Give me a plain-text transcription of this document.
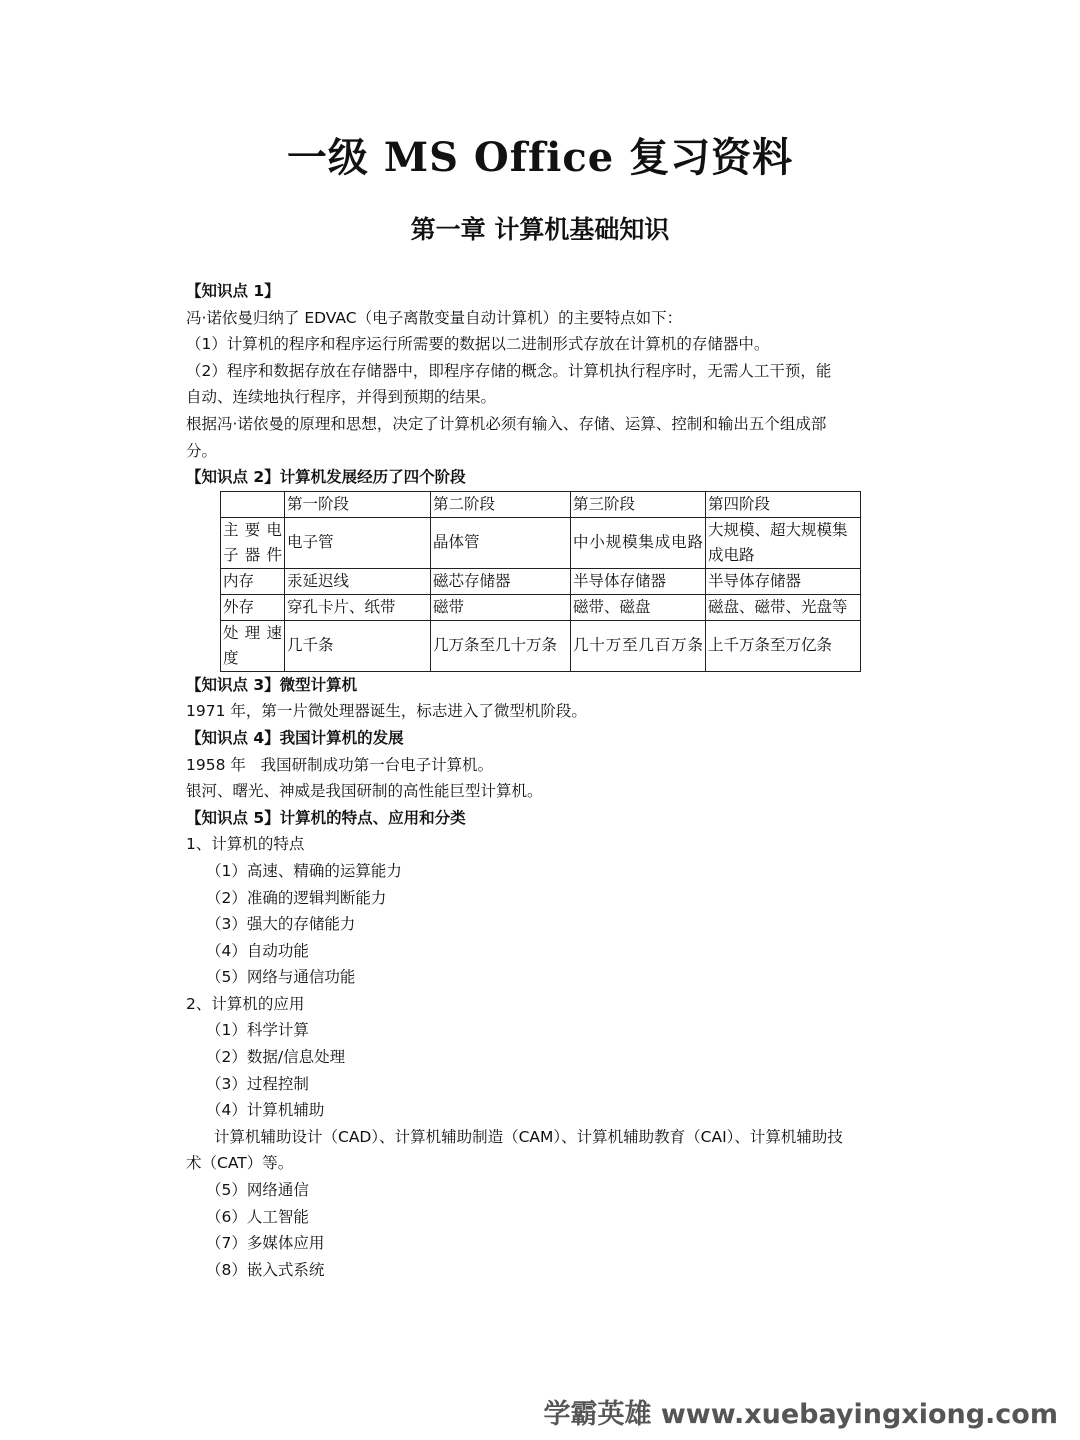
一级 MS Office 复习资料
第一章 计算机基础知识

【知识点 1】

冯·诺依曼归纳了 EDVAC（电子离散变量自动计算机）的主要特点如下：

（1）计算机的程序和程序运行所需要的数据以二进制形式存放在计算机的存储器中。

（2）程序和数据存放在存储器中，即程序存储的概念。计算机执行程序时，无需人工干预，能

自动、连续地执行程序，并得到预期的结果。

根据冯·诺依曼的原理和思想，决定了计算机必须有输入、存储、运算、控制和输出五个组成部

分。

【知识点 2】计算机发展经历了四个阶段

	第一阶段	第二阶段	第三阶段	第四阶段
主要电子器件	电子管	晶体管	中小规模集成电路	大规模、超大规模集成电路
内存	汞延迟线	磁芯存储器	半导体存储器	半导体存储器
外存	穿孔卡片、纸带	磁带	磁带、磁盘	磁盘、磁带、光盘等
处理速度	几千条	几万条至几十万条	几十万至几百万条	上千万条至万亿条

【知识点 3】微型计算机

1971 年，第一片微处理器诞生，标志进入了微型机阶段。

【知识点 4】我国计算机的发展

1958 年   我国研制成功第一台电子计算机。

银河、曙光、神威是我国研制的高性能巨型计算机。

【知识点 5】计算机的特点、应用和分类

1、计算机的特点

（1）高速、精确的运算能力

（2）准确的逻辑判断能力

（3）强大的存储能力

（4）自动功能

（5）网络与通信功能

2、计算机的应用

（1）科学计算

（2）数据/信息处理

（3）过程控制

（4）计算机辅助

计算机辅助设计（CAD）、计算机辅助制造（CAM）、计算机辅助教育（CAI）、计算机辅助技

术（CAT）等。

（5）网络通信

（6）人工智能

（7）多媒体应用

（8）嵌入式系统

学霸英雄 www.xuebayingxiong.com
